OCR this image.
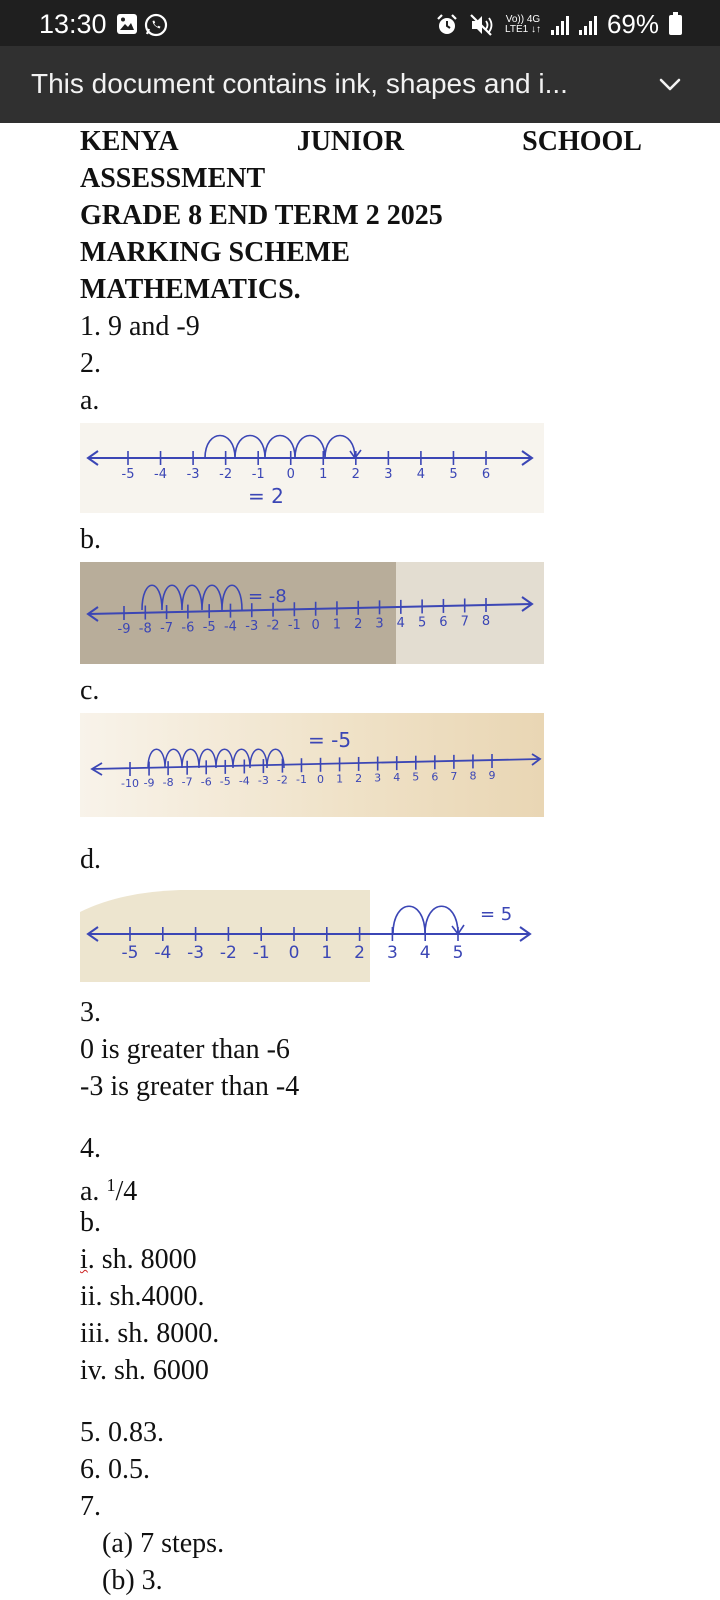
13:30	Vo)) 4G
LTE1 ↓↑	69%
This document contains ink, shapes and i...
KENYA	JUNIOR	SCHOOL
ASSESSMENT
GRADE 8 END TERM 2 2025
MARKING SCHEME
MATHEMATICS.
1. 9 and -9
2.
a.
-5 -4 -3 -2 -1 0 1 2 3 4 5 6
= 2
b.
-9 -8 -7 -6 -5 -4 -3 -2 -1 0 1 2 3 4 5 6 7 8
= -8
c.
-10 -9 -8 -7 -6 -5 -4 -3 -2 -1 0 1 2 3 4 5 6 7 8 9
= -5
d.
-5 -4 -3 -2 -1 0 1 2 3 4 5
= 5
3.
0 is greater than -6
-3 is greater than -4
4.
a. $^1$/4
b.
i. sh. 8000
ii. sh.4000.
iii. sh. 8000.
iv. sh. 6000
5. 0.83.
6. 0.5.
7.
(a) 7 steps.
(b) 3.
